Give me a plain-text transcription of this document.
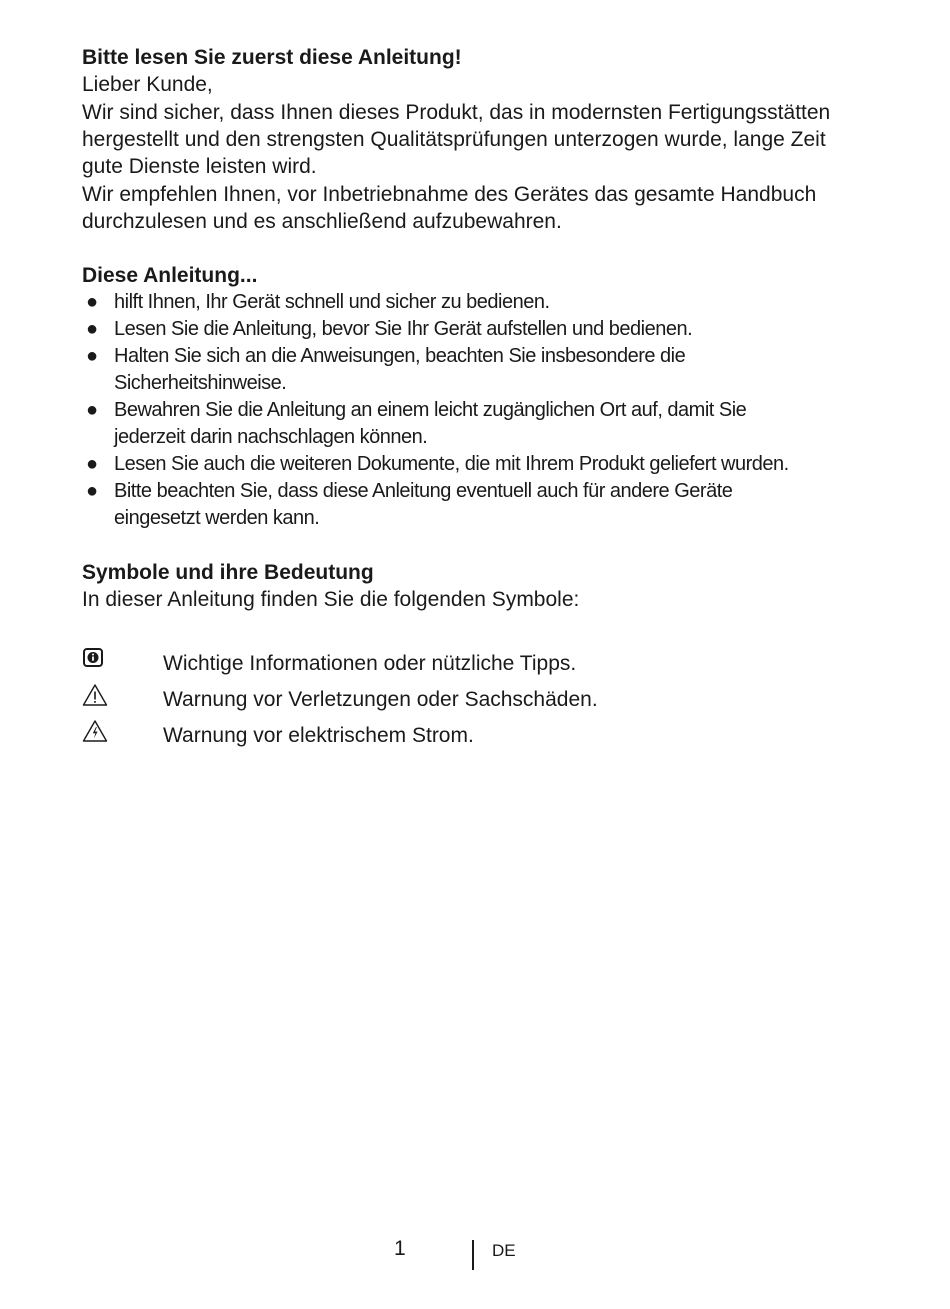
Bitte lesen Sie zuerst diese Anleitung!

Lieber Kunde,

Wir sind sicher, dass Ihnen dieses Produkt, das in modernsten Fertigungsstätten

hergestellt und den strengsten Qualitätsprüfungen unterzogen wurde, lange Zeit

gute Dienste leisten wird.

Wir empfehlen Ihnen, vor Inbetriebnahme des Gerätes das gesamte Handbuch

durchzulesen und es anschließend aufzubewahren.

Diese Anleitung...

● hilft Ihnen, Ihr Gerät schnell und sicher zu bedienen.
● Lesen Sie die Anleitung, bevor Sie Ihr Gerät aufstellen und bedienen.
● Halten Sie sich an die Anweisungen, beachten Sie insbesondere die
Sicherheitshinweise.
● Bewahren Sie die Anleitung an einem leicht zugänglichen Ort auf, damit Sie
jederzeit darin nachschlagen können.
● Lesen Sie auch die weiteren Dokumente, die mit Ihrem Produkt geliefert wurden.
● Bitte beachten Sie, dass diese Anleitung eventuell auch für andere Geräte
eingesetzt werden kann.

Symbole und ihre Bedeutung

In dieser Anleitung finden Sie die folgenden Symbole:

Wichtige Informationen oder nützliche Tipps.
Warnung vor Verletzungen oder Sachschäden.
Warnung vor elektrischem Strom.
1	DE
